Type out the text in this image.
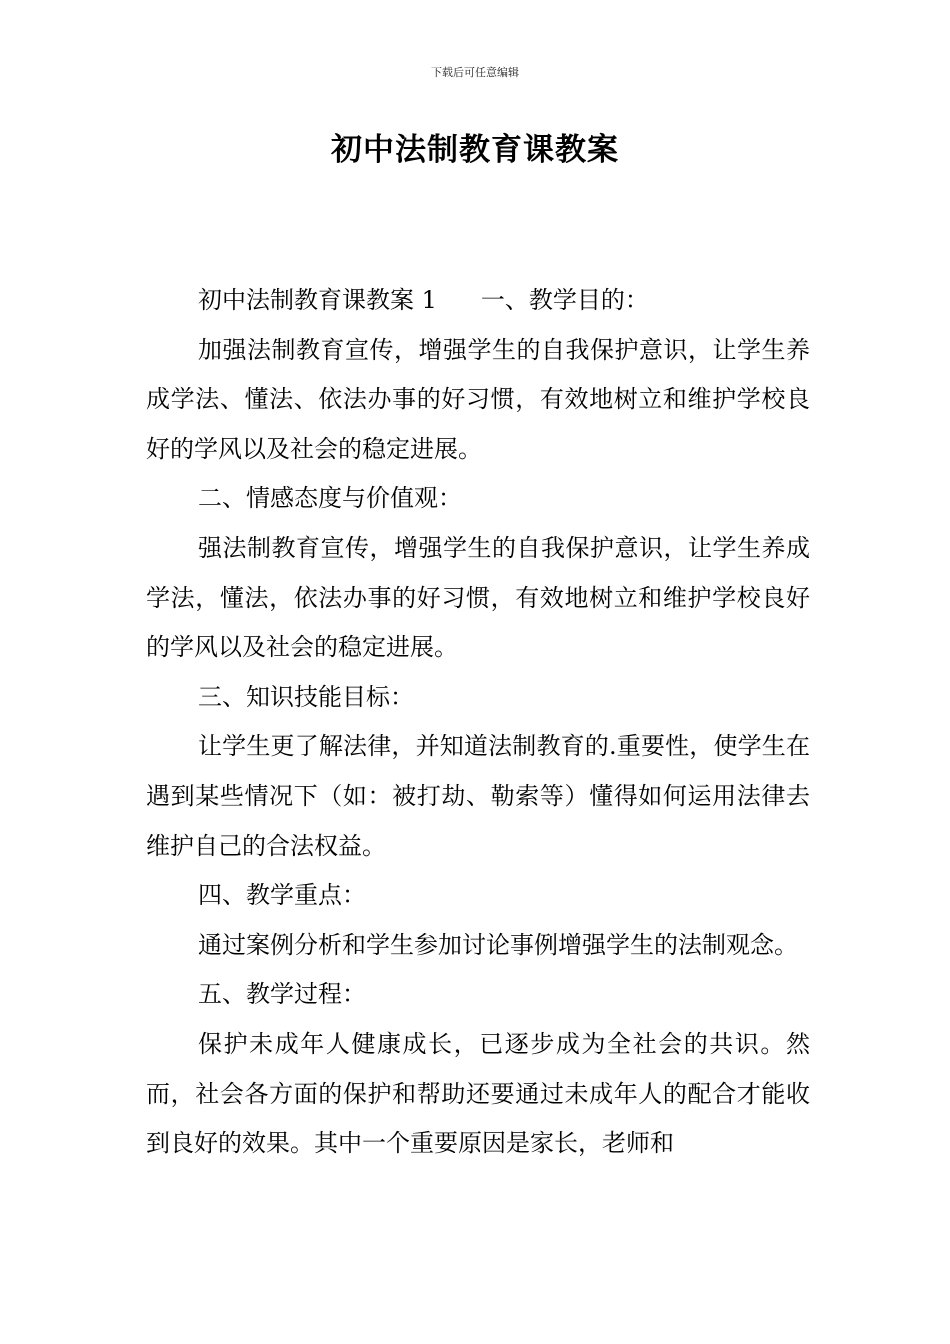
下载后可任意编辑
初中法制教育课教案

初中法制教育课教案 1 一、教学目的：

加强法制教育宣传，增强学生的自我保护意识，让学生养成学法、懂法、依法办事的好习惯，有效地树立和维护学校良好的学风以及社会的稳定进展。

二、情感态度与价值观：

强法制教育宣传，增强学生的自我保护意识，让学生养成学法，懂法，依法办事的好习惯，有效地树立和维护学校良好的学风以及社会的稳定进展。

三、知识技能目标：

让学生更了解法律，并知道法制教育的.重要性，使学生在遇到某些情况下（如：被打劫、勒索等）懂得如何运用法律去维护自己的合法权益。

四、教学重点：

通过案例分析和学生参加讨论事例增强学生的法制观念。

五、教学过程：

保护未成年人健康成长，已逐步成为全社会的共识。然而，社会各方面的保护和帮助还要通过未成年人的配合才能收到良好的效果。其中一个重要原因是家长，老师和
